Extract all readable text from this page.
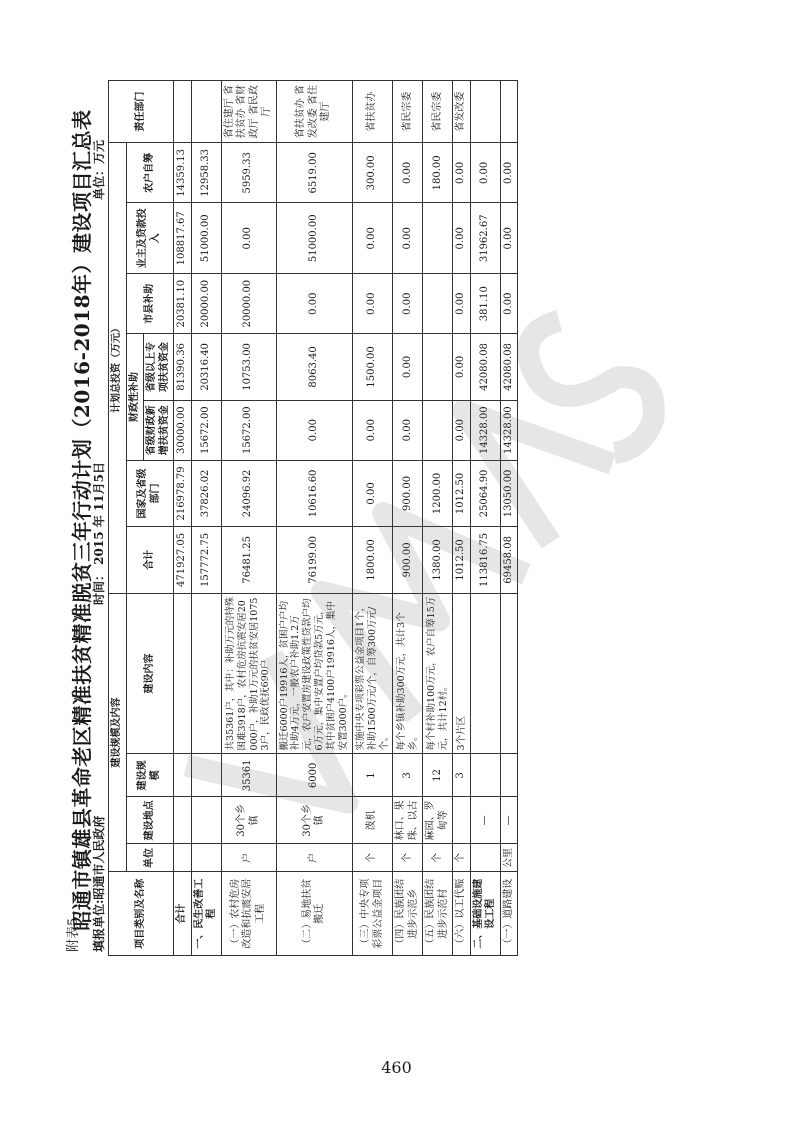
附表5
昭通市镇雄县革命老区精准扶贫精准脱贫三年行动计划（2016-2018年）建设项目汇总表
填报单位:昭通市人民政府
时间： 2015 年 11月5日
单位：万元
项目类别及名称	建设规模及内容				计划总投资（万元）							责任部门
	单位	建设地点	建设规模	建设内容	合计	国家及省级部门	财政性补助		市县补助	业主及贷款投入	农户自筹	
							省级财政新增扶贫资金	省级以上专项扶贫资金				
合计					471927.05	216978.79	30000.00	81390.36	20381.10	108817.67	14359.13	
一、民生改善工程					157772.75	37826.02	15672.00	20316.40	20000.00	51000.00	12958.33	
（一）农村危房改造和抗震安居工程	户	30个乡镇	35361	共35361户，其中：补助万元的特殊困难3918户，农村危房抗震安居20000户，补助1万元的扶贫安居10753户，民政优抚690户	76481.25	24096.92	15672.00	10753.00	20000.00	0.00	5959.33	省住建厅 省扶贫办 省财政厅 省民政厅
（二）易地扶贫搬迁	户	30个乡镇	6000	搬迁6000户19916人，贫困户户均补助4万元，一般农户补助1.2万元，农户安置房建设政策性贷款户均6万元，集中安置户均贷款5万元，其中贫困户4100户19916人，集中安置3000户。	76199.00	10616.60	0.00	8063.40	0.00	51000.00	6519.00	省扶贫办 省发改委 省住建厅
（三）中央专项彩票公益金项目	个	泼机	1	实施中央专项彩票公益金项目1个，补助1500万元/个，自筹300万元/个。	1800.00	0.00	0.00	1500.00	0.00	0.00	300.00	省扶贫办
（四）民族团结进步示范乡	个	林口、果珠、以古	3	每个乡镇补助300万元，共计3个乡。	900.00	900.00	0.00	0.00	0.00	0.00	0.00	省民宗委
（五）民族团结进步示范村	个	麻园、罗甸等	12	每个村补助100万元，农户自筹15万元，共计12村。	1380.00	1200.00					180.00	省民宗委
（六）以工代赈	个		3	3个片区	1012.50	1012.50	0.00	0.00	0.00	0.00	0.00	省发改委
二、基础设施建设工程		—			113816.75	25064.90	14328.00	42080.08	381.10	31962.67	0.00	
（一）道路建设	公里	—			69458.08	13050.00	14328.00	42080.08	0.00	0.00	0.00	
460
